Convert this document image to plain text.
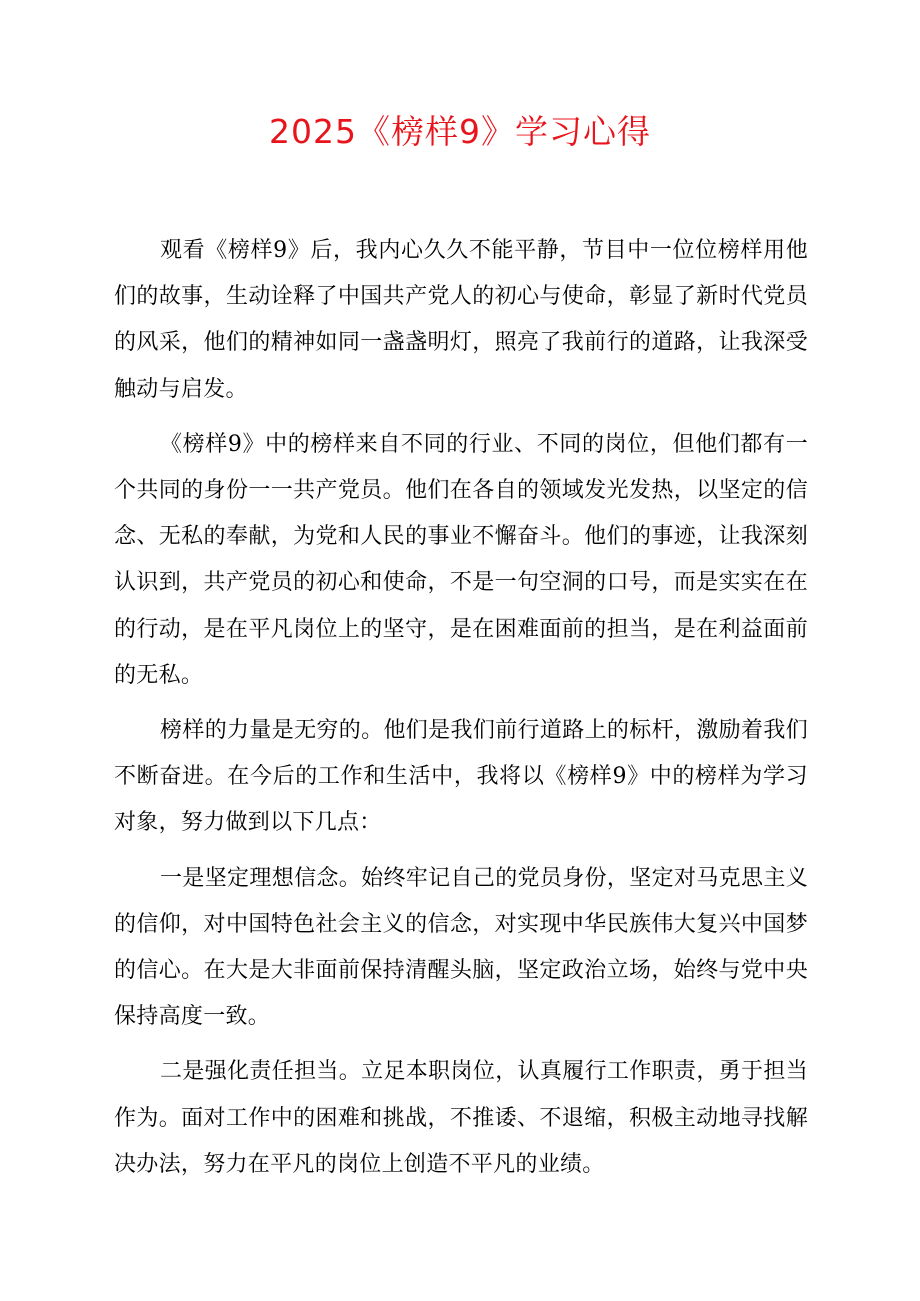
2025《榜样9》学习心得

观看《榜样9》后，我内心久久不能平静，节目中一位位榜样用他们的故事，生动诠释了中国共产党人的初心与使命，彰显了新时代党员的风采，他们的精神如同一盏盏明灯，照亮了我前行的道路，让我深受触动与启发。

《榜样9》中的榜样来自不同的行业、不同的岗位，但他们都有一个共同的身份一一共产党员。他们在各自的领域发光发热，以坚定的信念、无私的奉献，为党和人民的事业不懈奋斗。他们的事迹，让我深刻认识到，共产党员的初心和使命，不是一句空洞的口号，而是实实在在的行动，是在平凡岗位上的坚守，是在困难面前的担当，是在利益面前的无私。

榜样的力量是无穷的。他们是我们前行道路上的标杆，激励着我们不断奋进。在今后的工作和生活中，我将以《榜样9》中的榜样为学习对象，努力做到以下几点：

一是坚定理想信念。始终牢记自己的党员身份，坚定对马克思主义的信仰，对中国特色社会主义的信念，对实现中华民族伟大复兴中国梦的信心。在大是大非面前保持清醒头脑，坚定政治立场，始终与党中央保持高度一致。

二是强化责任担当。立足本职岗位，认真履行工作职责，勇于担当作为。面对工作中的困难和挑战，不推诿、不退缩，积极主动地寻找解决办法，努力在平凡的岗位上创造不平凡的业绩。
